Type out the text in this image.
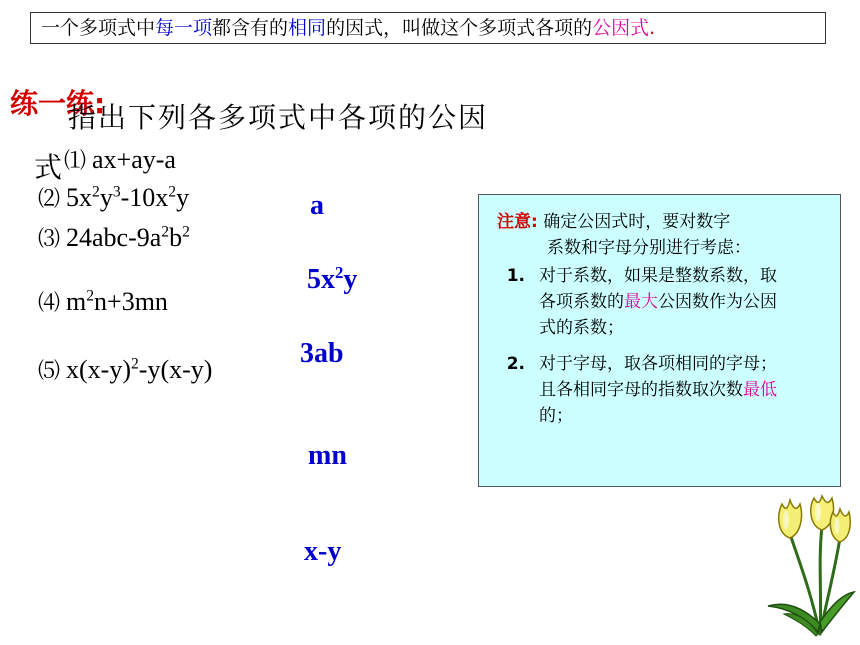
一个多项式中每一项都含有的相同的因式，叫做这个多项式各项的公因式.
练一练:
指出下列各多项式中各项的公因
式 ⑴ ax+ay-a
⑵ $5x^2y^3-10x^2y$
⑶ $24abc-9a^2b^2$
⑷ $m^2n+3mn$
⑸ $x(x-y)^2-y(x-y)$
a
$5x^2y$
3ab
mn
x-y
注意: 确定公因式时，要对数字
系数和字母分别进行考虑：
1. 对于系数，如果是整数系数，取各项系数的最大公因数作为公因式的系数；
2. 对于字母，取各项相同的字母；且各相同字母的指数取次数最低的；
